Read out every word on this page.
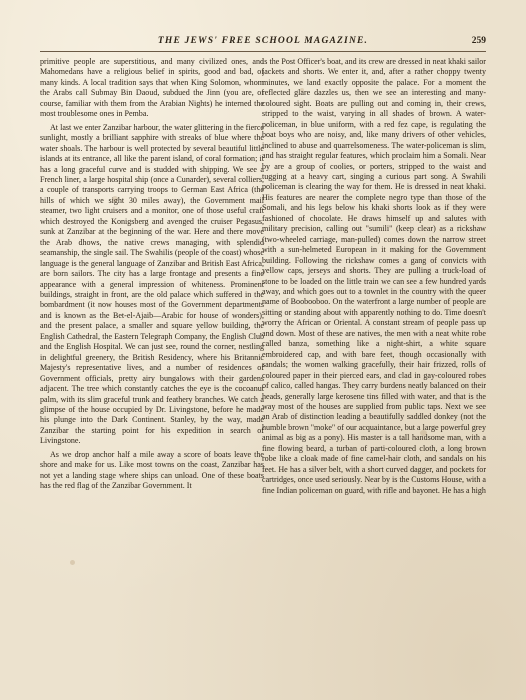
THE JEWS' FREE SCHOOL MAGAZINE.	259

primitive people are superstitious, and many civilized ones, and Mahomedans have a religious belief in spirits, good and bad, of many kinds. A local tradition says that when King Solomon, whom the Arabs call Submay Bin Daoud, subdued the Jinn (you are, of course, familiar with them from the Arabian Nights) he interned the most troublesome ones in Pemba.

At last we enter Zanzibar harbour, the water glittering in the fierce sunlight, mostly a brilliant sapphire with streaks of blue where the water shoals. The harbour is well protected by several beautiful little islands at its entrance, all like the parent island, of coral formation; it has a long graceful curve and is studded with shipping. We see a French liner, a large hospital ship (once a Cunarder), several colliers, a couple of transports carrying troops to German East Africa (the hills of which we sight 30 miles away), the Government mail steamer, two light cruisers and a monitor, one of those useful craft which destroyed the Konigsberg and avenged the cruiser Pegasus, sunk at Zanzibar at the beginning of the war. Here and there move the Arab dhows, the native crews managing, with splendid seamanship, the single sail. The Swahilis (people of the coast) whose language is the general language of Zanzibar and British East Africa, are born sailors. The city has a large frontage and presents a fine appearance with a general impression of whiteness. Prominent buildings, straight in front, are the old palace which suffered in the bombardment (it now houses most of the Government departments and is known as the Bet-el-Ajaib—Arabic for house of wonders), and the present palace, a smaller and square yellow building, the English Cathedral, the Eastern Telegraph Company, the English Club and the English Hospital. We can just see, round the corner, nestling in delightful greenery, the British Residency, where his Britannic Majesty's representative lives, and a number of residences of Government officials, pretty airy bungalows with their gardens adjacent. The tree which constantly catches the eye is the cocoanut palm, with its slim graceful trunk and feathery branches. We catch a glimpse of the house occupied by Dr. Livingstone, before he made his plunge into the Dark Continent. Stanley, by the way, made Zanzibar the starting point for his expedition in search of Livingstone.

As we drop anchor half a mile away a score of boats leave the shore and make for us. Like most towns on the coast, Zanzibar has not yet a landing stage where ships can unload. One of these boats has the red flag of the Zanzibar Government. It

is the Post Officer's boat, and its crew are dressed in neat khaki sailor jackets and shorts. We enter it, and, after a rather choppy twenty minutes, we land exactly opposite the palace. For a moment the reflected glare dazzles us, then we see an interesting and many-coloured sight. Boats are pulling out and coming in, their crews, stripped to the waist, varying in all shades of brown. A water-policeman, in blue uniform, with a red fez cape, is regulating the boat boys who are noisy, and, like many drivers of other vehicles, inclined to abuse and quarrelsomeness. The water-policeman is slim, and has straight regular features, which proclaim him a Somali. Near by are a group of coolies, or porters, stripped to the waist and tugging at a heavy cart, singing a curious part song. A Swahili policeman is clearing the way for them. He is dressed in neat khaki. His features are nearer the complete negro type than those of the Somali, and his legs below his khaki shorts look as if they were fashioned of chocolate. He draws himself up and salutes with military precision, calling out "sumili" (keep clear) as a rickshaw (two-wheeled carriage, man-pulled) comes down the narrow street with a sun-helmeted European in it making for the Government building. Following the rickshaw comes a gang of convicts with yellow caps, jerseys and shorts. They are pulling a truck-load of stone to be loaded on the little train we can see a few hundred yards away, and which goes out to a townlet in the country with the queer name of Boobooboo. On the waterfront a large number of people are sitting or standing about with apparently nothing to do. Time doesn't worry the African or Oriental. A constant stream of people pass up and down. Most of these are natives, the men with a neat white robe called banza, something like a night-shirt, a white square embroidered cap, and with bare feet, though occasionally with sandals; the women walking gracefully, their hair frizzed, rolls of coloured paper in their pierced ears, and clad in gay-coloured robes of calico, called hangas. They carry burdens neatly balanced on their heads, generally large kerosene tins filled with water, and that is the way most of the houses are supplied from public taps. Next we see an Arab of distinction leading a beautifully saddled donkey (not the humble brown "moke" of our acquaintance, but a large powerful grey animal as big as a pony). His master is a tall handsome man, with a fine flowing beard, a turban of parti-coloured cloth, a long brown robe like a cloak made of fine camel-hair cloth, and sandals on his feet. He has a silver belt, with a short curved dagger, and pockets for cartridges, once used seriously. Near by is the Customs House, with a fine Indian policeman on guard, with rifle and bayonet. He has a high
